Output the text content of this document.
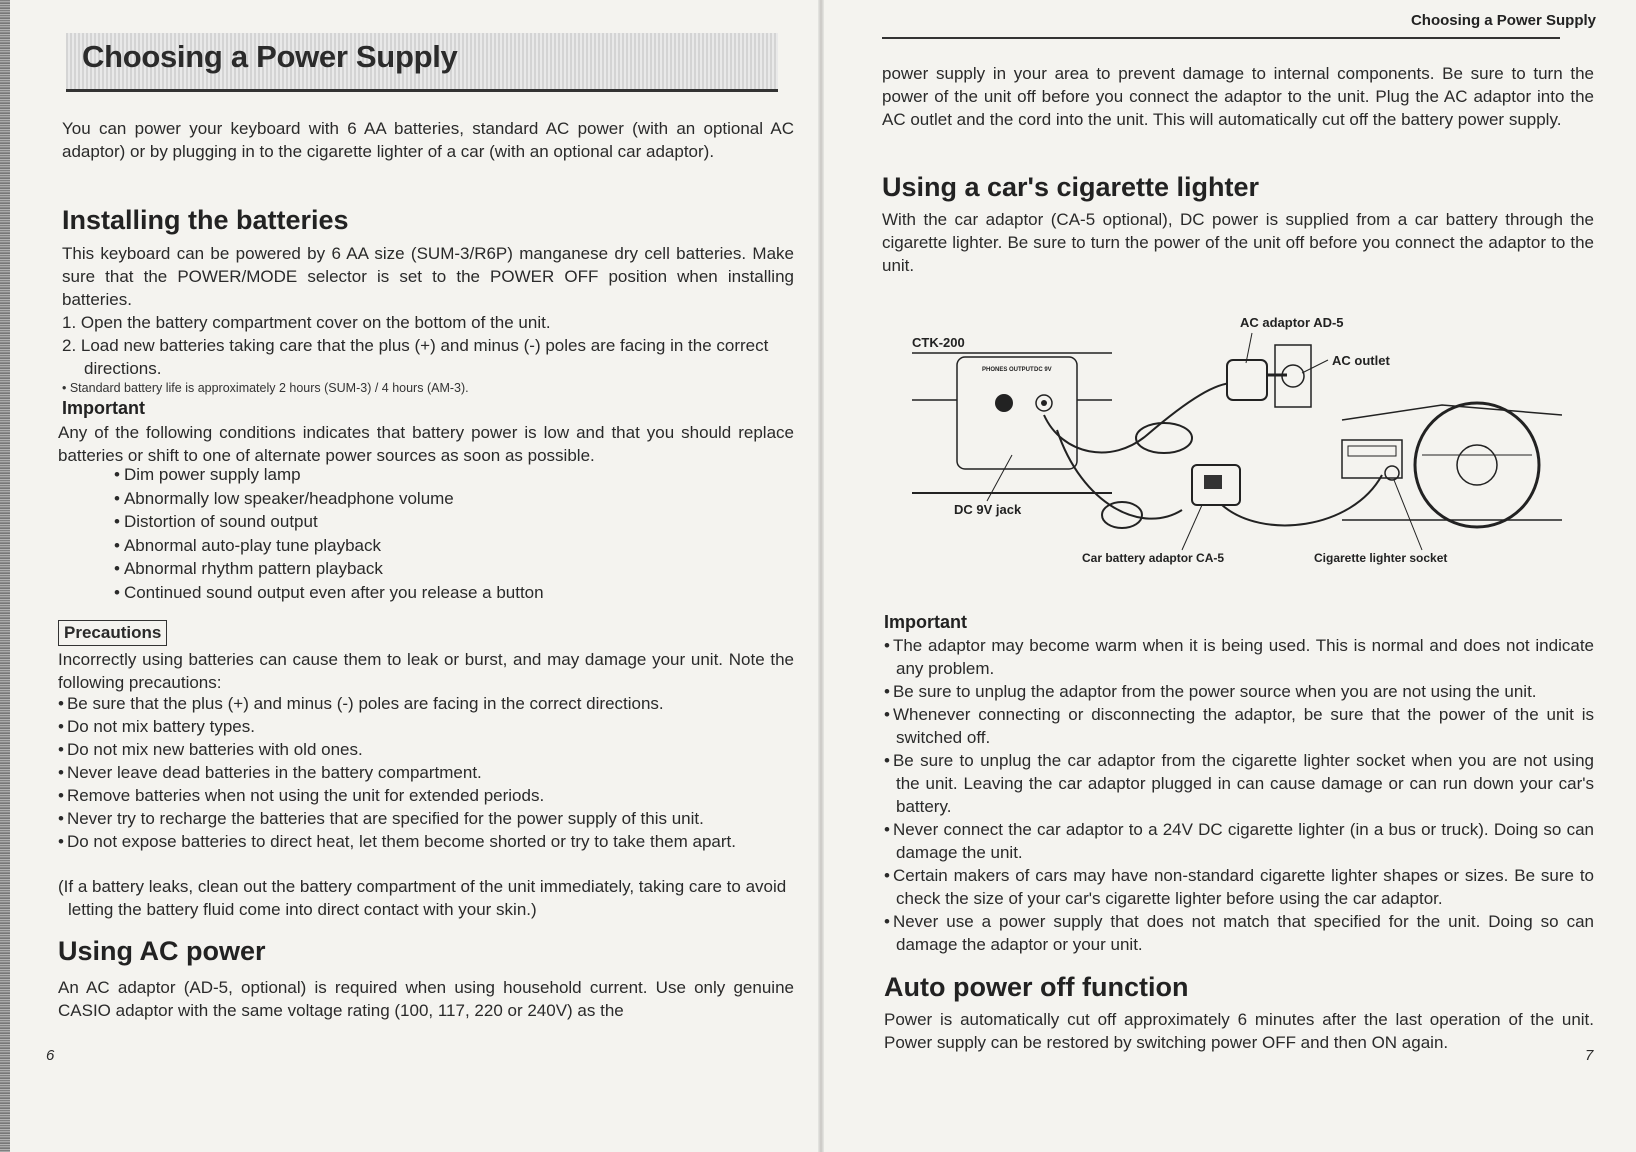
Choosing a Power Supply

You can power your keyboard with 6 AA batteries, standard AC power (with an optional AC adaptor) or by plugging in to the cigarette lighter of a car (with an optional car adaptor).

Installing the batteries

This keyboard can be powered by 6 AA size (SUM-3/R6P) manganese dry cell batteries. Make sure that the POWER/MODE selector is set to the POWER OFF position when installing batteries.

1. Open the battery compartment cover on the bottom of the unit.
2. Load new batteries taking care that the plus (+) and minus (-) poles are facing in the correct directions.

• Standard battery life is approximately 2 hours (SUM-3) / 4 hours (AM-3).

Important

Any of the following conditions indicates that battery power is low and that you should replace batteries or shift to one of alternate power sources as soon as possible.

• Dim power supply lamp
• Abnormally low speaker/headphone volume
• Distortion of sound output
• Abnormal auto-play tune playback
• Abnormal rhythm pattern playback
• Continued sound output even after you release a button
Precautions

Incorrectly using batteries can cause them to leak or burst, and may damage your unit. Note the following precautions:

• Be sure that the plus (+) and minus (-) poles are facing in the correct directions.
• Do not mix battery types.
• Do not mix new batteries with old ones.
• Never leave dead batteries in the battery compartment.
• Remove batteries when not using the unit for extended periods.
• Never try to recharge the batteries that are specified for the power supply of this unit.
• Do not expose batteries to direct heat, let them become shorted or try to take them apart.

(If a battery leaks, clean out the battery compartment of the unit immediately, taking care to avoid letting the battery fluid come into direct contact with your skin.)

Using AC power

An AC adaptor (AD-5, optional) is required when using household current. Use only genuine CASIO adaptor with the same voltage rating (100, 117, 220 or 240V) as the

6
Choosing a Power Supply

power supply in your area to prevent damage to internal components. Be sure to turn the power of the unit off before you connect the adaptor to the unit. Plug the AC adaptor into the AC outlet and the cord into the unit. This will automatically cut off the battery power supply.

Using a car's cigarette lighter

With the car adaptor (CA-5 optional), DC power is supplied from a car battery through the cigarette lighter. Be sure to turn the power of the unit off before you connect the adaptor to the unit.

PHONES OUTPUT DC 9V
CTK-200
DC 9V jack
AC adaptor AD-5
AC outlet
Car battery adaptor CA-5	Cigarette lighter socket
Important
• The adaptor may become warm when it is being used. This is normal and does not indicate any problem.
• Be sure to unplug the adaptor from the power source when you are not using the unit.
• Whenever connecting or disconnecting the adaptor, be sure that the power of the unit is switched off.
• Be sure to unplug the car adaptor from the cigarette lighter socket when you are not using the unit. Leaving the car adaptor plugged in can cause damage or can run down your car's battery.
• Never connect the car adaptor to a 24V DC cigarette lighter (in a bus or truck). Doing so can damage the unit.
• Certain makers of cars may have non-standard cigarette lighter shapes or sizes. Be sure to check the size of your car's cigarette lighter before using the car adaptor.
• Never use a power supply that does not match that specified for the unit. Doing so can damage the adaptor or your unit.
Auto power off function

Power is automatically cut off approximately 6 minutes after the last operation of the unit. Power supply can be restored by switching power OFF and then ON again.

7
